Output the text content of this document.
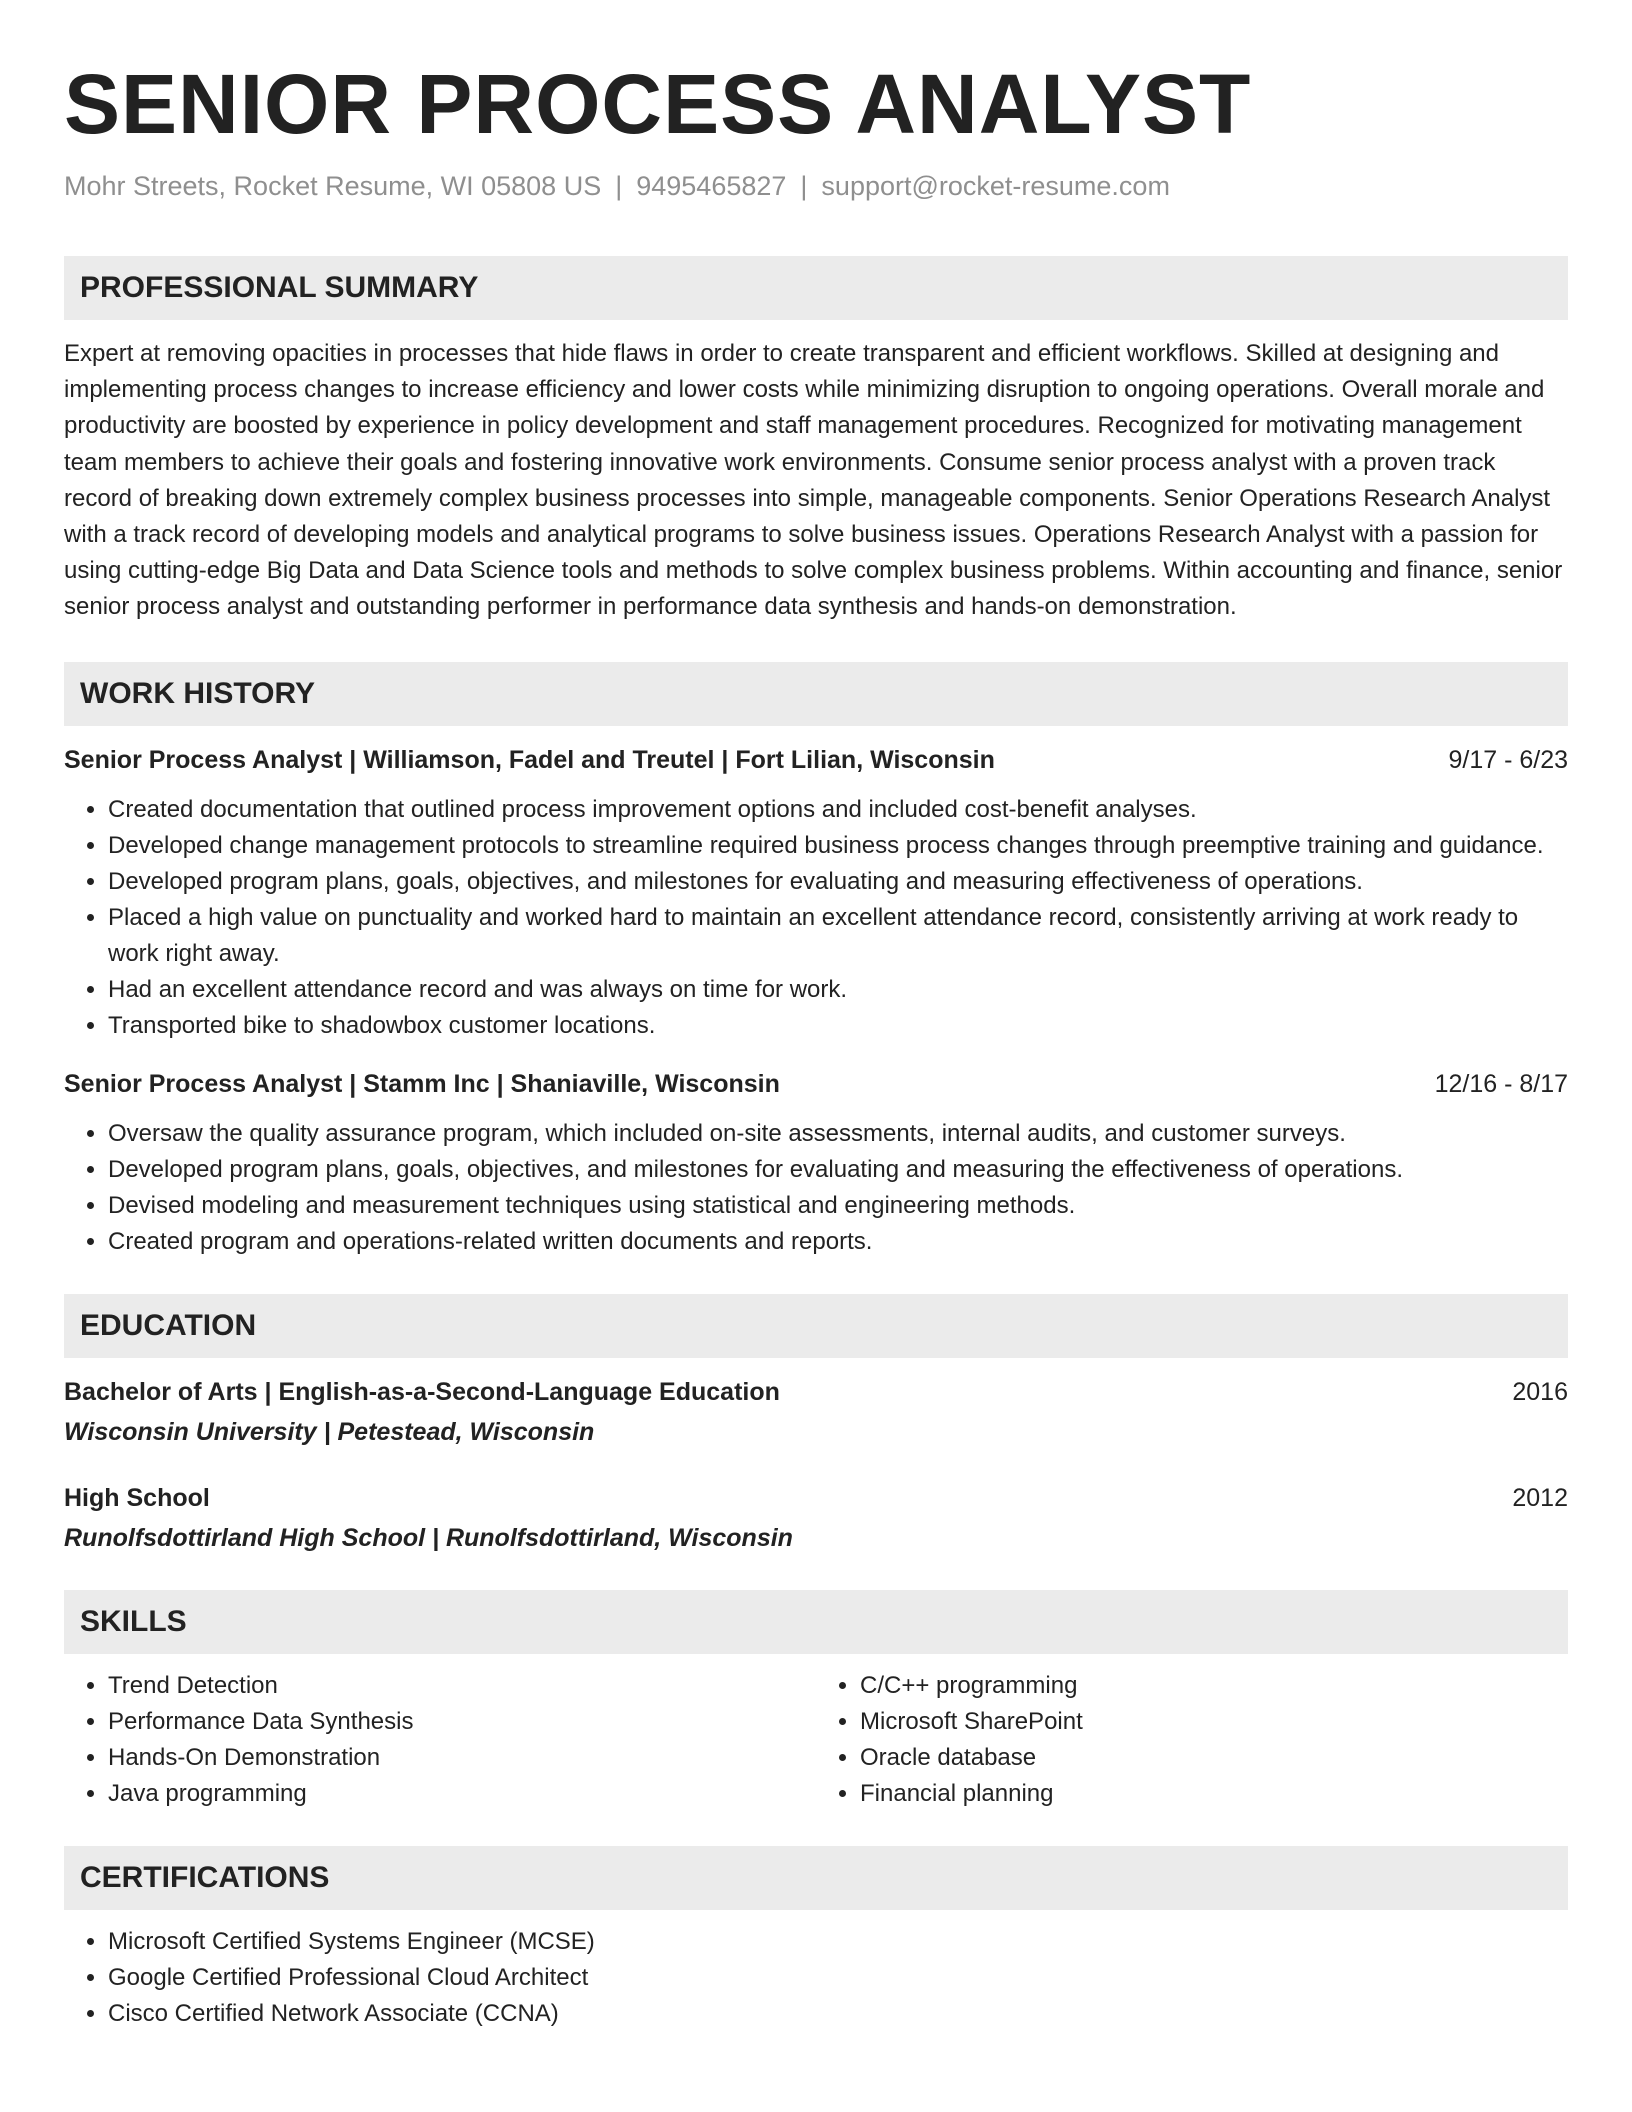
SENIOR PROCESS ANALYST
Mohr Streets, Rocket Resume, WI 05808 US | 9495465827 | support@rocket-resume.com
PROFESSIONAL SUMMARY
Expert at removing opacities in processes that hide flaws in order to create transparent and efficient workflows. Skilled at designing and implementing process changes to increase efficiency and lower costs while minimizing disruption to ongoing operations. Overall morale and productivity are boosted by experience in policy development and staff management procedures. Recognized for motivating management team members to achieve their goals and fostering innovative work environments. Consume senior process analyst with a proven track record of breaking down extremely complex business processes into simple, manageable components. Senior Operations Research Analyst with a track record of developing models and analytical programs to solve business issues. Operations Research Analyst with a passion for using cutting-edge Big Data and Data Science tools and methods to solve complex business problems. Within accounting and finance, senior senior process analyst and outstanding performer in performance data synthesis and hands-on demonstration.
WORK HISTORY
Senior Process Analyst | Williamson, Fadel and Treutel | Fort Lilian, Wisconsin	9/17 - 6/23
• Created documentation that outlined process improvement options and included cost-benefit analyses.
• Developed change management protocols to streamline required business process changes through preemptive training and guidance.
• Developed program plans, goals, objectives, and milestones for evaluating and measuring effectiveness of operations.
• Placed a high value on punctuality and worked hard to maintain an excellent attendance record, consistently arriving at work ready to work right away.
• Had an excellent attendance record and was always on time for work.
• Transported bike to shadowbox customer locations.
Senior Process Analyst | Stamm Inc | Shaniaville, Wisconsin	12/16 - 8/17
• Oversaw the quality assurance program, which included on-site assessments, internal audits, and customer surveys.
• Developed program plans, goals, objectives, and milestones for evaluating and measuring the effectiveness of operations.
• Devised modeling and measurement techniques using statistical and engineering methods.
• Created program and operations-related written documents and reports.
EDUCATION
Bachelor of Arts | English-as-a-Second-Language Education	2016
Wisconsin University | Petestead, Wisconsin
High School	2012
Runolfsdottirland High School | Runolfsdottirland, Wisconsin
SKILLS
• Trend Detection
• Performance Data Synthesis
• Hands-On Demonstration
• Java programming
• C/C++ programming
• Microsoft SharePoint
• Oracle database
• Financial planning
CERTIFICATIONS
• Microsoft Certified Systems Engineer (MCSE)
• Google Certified Professional Cloud Architect
• Cisco Certified Network Associate (CCNA)
